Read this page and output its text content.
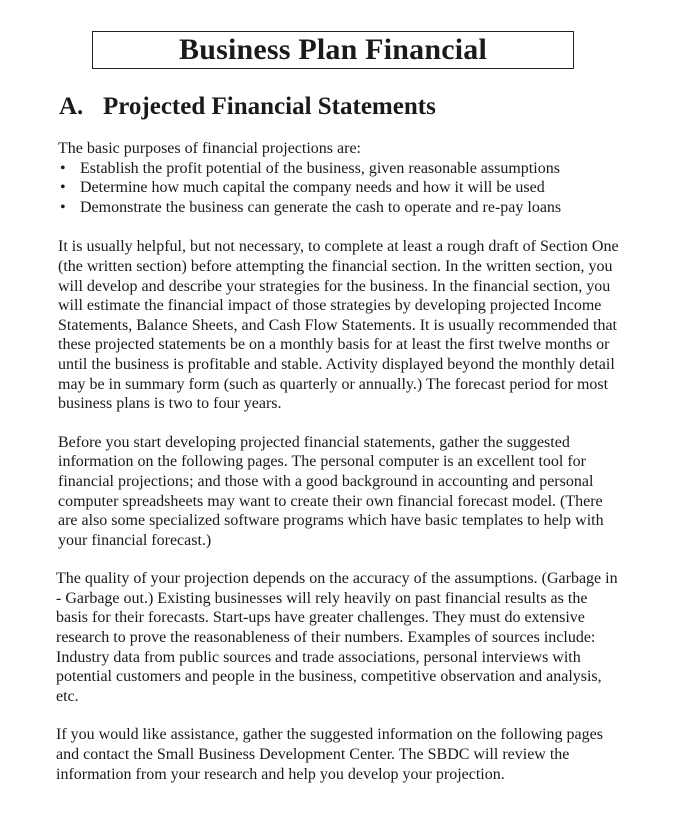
Business Plan Financial
A. Projected Financial Statements

The basic purposes of financial projections are:

• Establish the profit potential of the business, given reasonable assumptions
• Determine how much capital the company needs and how it will be used
• Demonstrate the business can generate the cash to operate and re-pay loans

It is usually helpful, but not necessary, to complete at least a rough draft of Section One (the written section) before attempting the financial section. In the written section, you will develop and describe your strategies for the business. In the financial section, you will estimate the financial impact of those strategies by developing projected Income Statements, Balance Sheets, and Cash Flow Statements. It is usually recommended that these projected statements be on a monthly basis for at least the first twelve months or until the business is profitable and stable. Activity displayed beyond the monthly detail may be in summary form (such as quarterly or annually.) The forecast period for most business plans is two to four years.

Before you start developing projected financial statements, gather the suggested information on the following pages. The personal computer is an excellent tool for financial projections; and those with a good background in accounting and personal computer spreadsheets may want to create their own financial forecast model. (There are also some specialized software programs which have basic templates to help with your financial forecast.)

The quality of your projection depends on the accuracy of the assumptions. (Garbage in - Garbage out.) Existing businesses will rely heavily on past financial results as the basis for their forecasts. Start-ups have greater challenges. They must do extensive research to prove the reasonableness of their numbers. Examples of sources include: Industry data from public sources and trade associations, personal interviews with potential customers and people in the business, competitive observation and analysis, etc.

If you would like assistance, gather the suggested information on the following pages and contact the Small Business Development Center. The SBDC will review the information from your research and help you develop your projection.
